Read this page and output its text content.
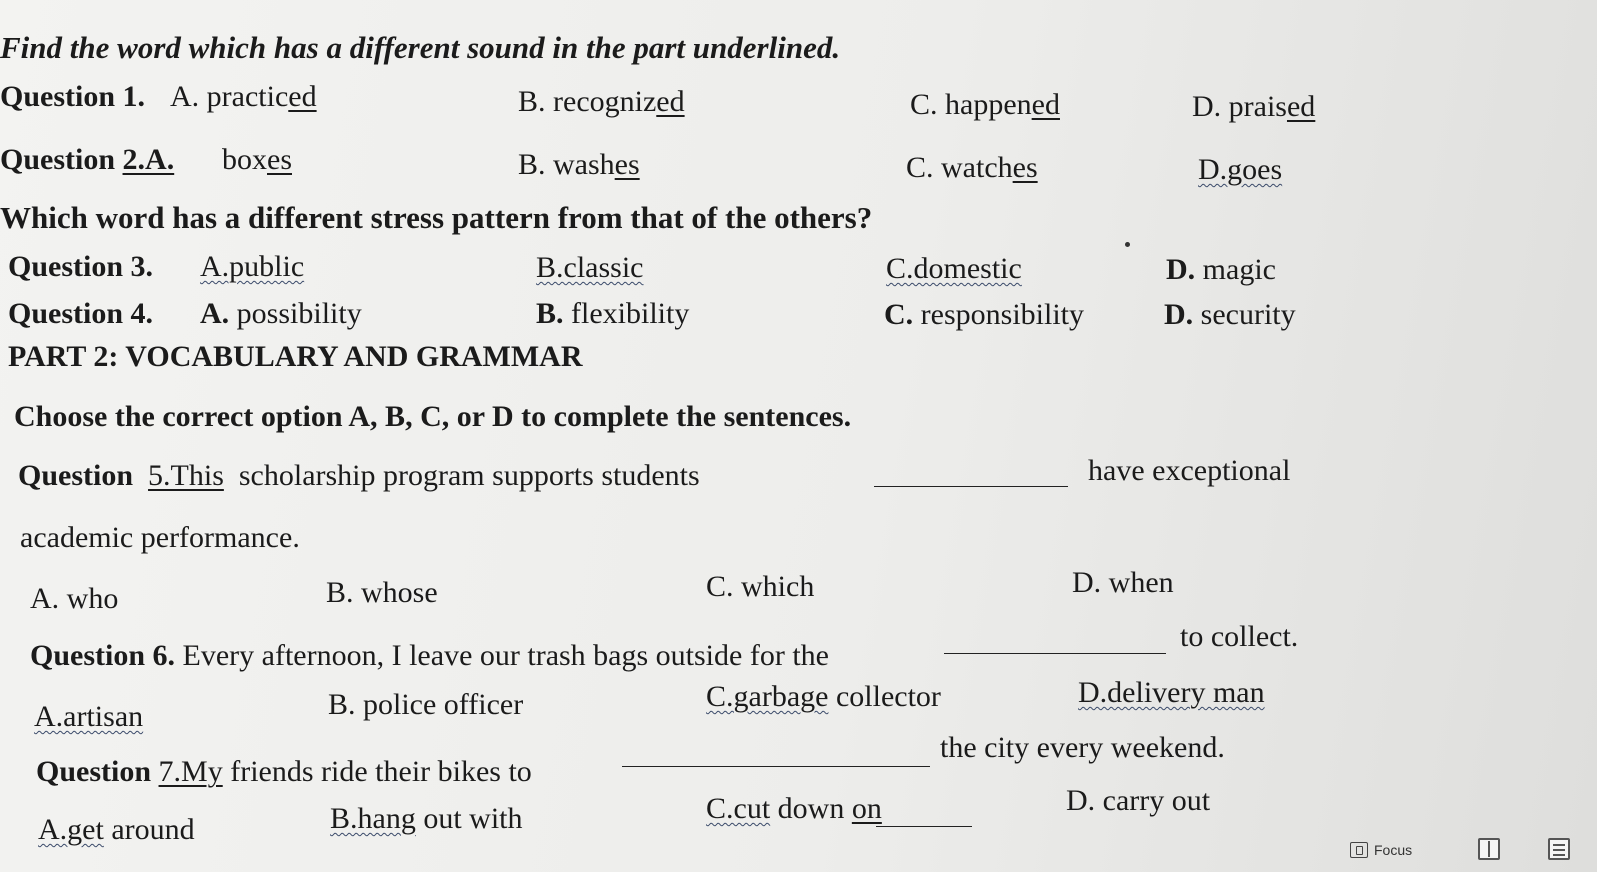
Find the word which has a different sound in the part underlined.
Question 1. A. practiced	B. recognized	C. happened	D. praised
Question 2.A. boxes	B. washes	C. watches	D.goes
Which word has a different stress pattern from that of the others?
Question 3. A.public	B.classic	C.domestic	D. magic
Question 4. A. possibility	B. flexibility	C. responsibility	D. security
PART 2: VOCABULARY AND GRAMMAR
Choose the correct option A, B, C, or D to complete the sentences.
Question 5.This scholarship program supports students	have exceptional
academic performance.
A. who	B. whose	C. which	D. when
Question 6. Every afternoon, I leave our trash bags outside for the
to collect.
A.artisan	B. police officer	C.garbage collector	D.delivery man
Question 7.My friends ride their bikes to
the city every weekend.
A.get around	B.hang out with	C.cut down on	D. carry out
Focus
